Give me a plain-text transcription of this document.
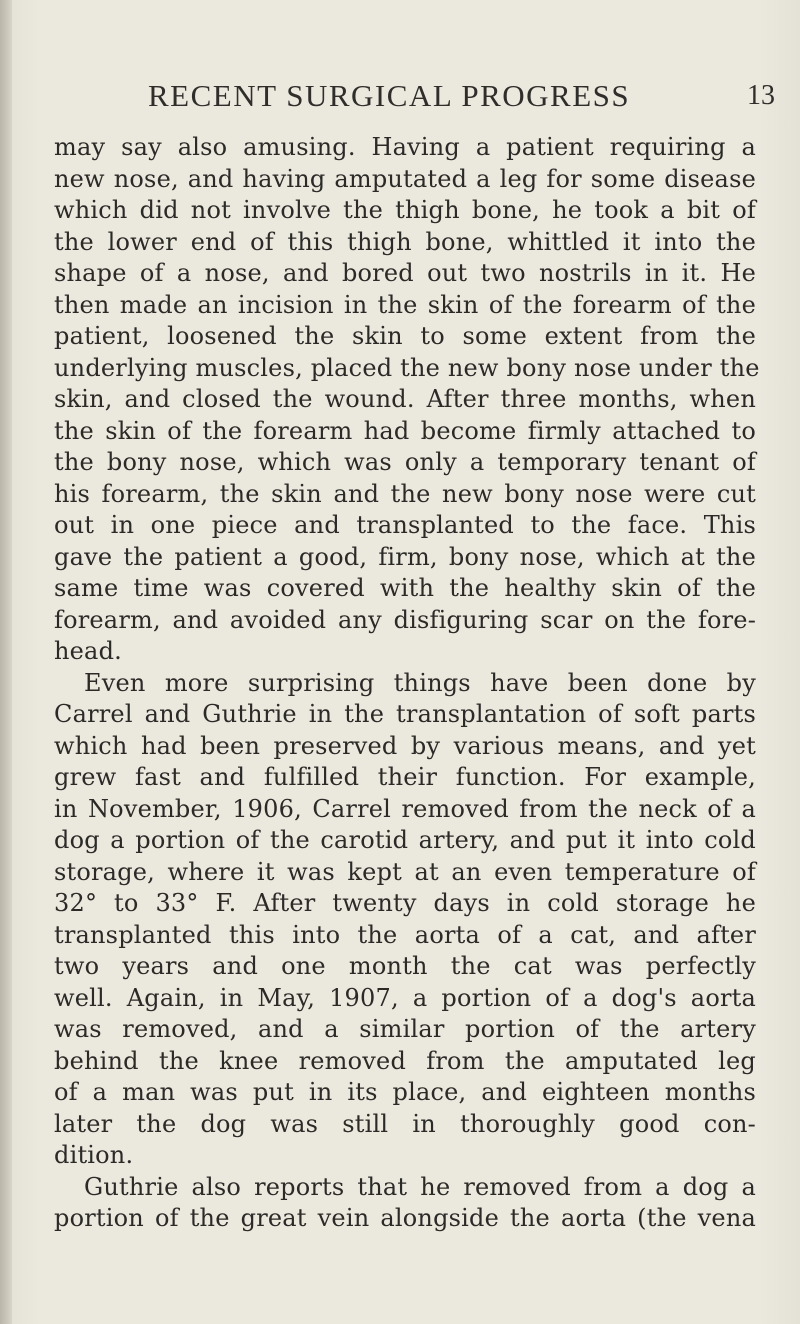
RECENT SURGICAL PROGRESS	13
may say also amusing. Having a patient requiring a
new nose, and having amputated a leg for some disease
which did not involve the thigh bone, he took a bit of
the lower end of this thigh bone, whittled it into the
shape of a nose, and bored out two nostrils in it. He
then made an incision in the skin of the forearm of the
patient, loosened the skin to some extent from the
underlying muscles, placed the new bony nose under the
skin, and closed the wound. After three months, when
the skin of the forearm had become firmly attached to
the bony nose, which was only a temporary tenant of
his forearm, the skin and the new bony nose were cut
out in one piece and transplanted to the face. This
gave the patient a good, firm, bony nose, which at the
same time was covered with the healthy skin of the
forearm, and avoided any disfiguring scar on the fore-
head.
Even more surprising things have been done by
Carrel and Guthrie in the transplantation of soft parts
which had been preserved by various means, and yet
grew fast and fulfilled their function. For example,
in November, 1906, Carrel removed from the neck of a
dog a portion of the carotid artery, and put it into cold
storage, where it was kept at an even temperature of
32° to 33° F. After twenty days in cold storage he
transplanted this into the aorta of a cat, and after
two years and one month the cat was perfectly
well. Again, in May, 1907, a portion of a dog's aorta
was removed, and a similar portion of the artery
behind the knee removed from the amputated leg
of a man was put in its place, and eighteen months
later the dog was still in thoroughly good con-
dition.
Guthrie also reports that he removed from a dog a
portion of the great vein alongside the aorta (the vena
